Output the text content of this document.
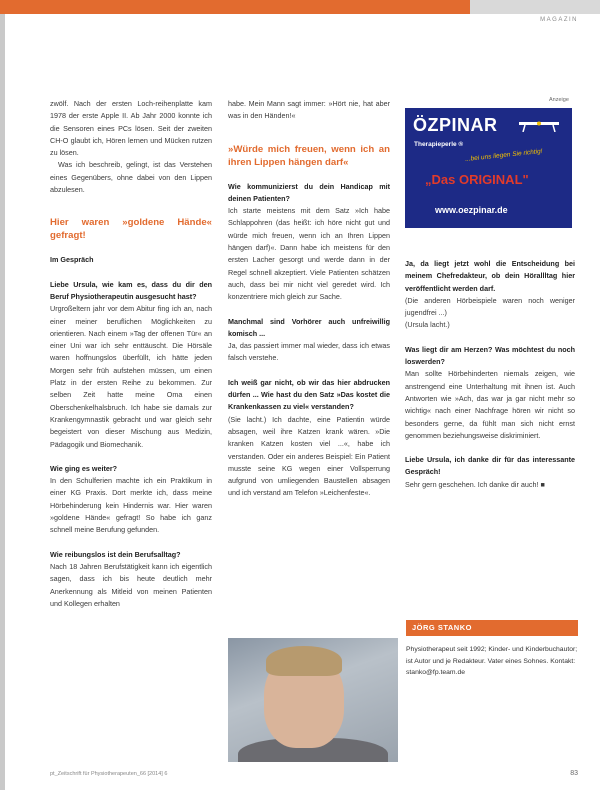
MAGAZIN

zwölf. Nach der ersten Loch-reihenplatte kam 1978 der erste Apple II. Ab Jahr 2000 konnte ich die Sensoren eines PCs lösen. Seit der zweiten CH-O glaubt ich, Hören lernen und Mücken rutzen zu lösen.

Was ich beschreib, gelingt, ist das Verstehen eines Gegenübers, ohne dabei von den Lippen abzulesen.

Hier waren »goldene Hände« gefragt!

Im Gespräch

Liebe Ursula, wie kam es, dass du dir den Beruf Physiotherapeutin ausgesucht hast?

Urgroßeltern jahr vor dem Abitur fing ich an, nach einer meiner beruflichen Möglichkeiten zu orientieren. Nach einem »Tag der offenen Tür« an einer Uni war ich sehr enttäuscht. Die Hörsäle waren hoffnungslos überfüllt, ich hätte jeden Morgen sehr früh aufstehen müssen, um einen Platz in der ersten Reihe zu bekommen. Zur selben Zeit hatte meine Oma einen Oberschenkelhalsbruch. Ich habe sie damals zur Krankengymnastik gebracht und war gleich sehr begeistert von dieser Mischung aus Medizin, Pädagogik und Biomechanik.

Wie ging es weiter?

In den Schulferien machte ich ein Praktikum in einer KG Praxis. Dort merkte ich, dass meine Hörbehinderung kein Hindernis war. Hier waren »goldene Hände« gefragt! So habe ich ganz schnell meine Berufung gefunden.

Wie reibungslos ist dein Berufsalltag?

Nach 18 Jahren Berufstätigkeit kann ich eigentlich sagen, dass ich bis heute deutlich mehr Anerkennung als Mitleid von meinen Patienten und Kollegen erhalten

habe. Mein Mann sagt immer: »Hört nie, hat aber was in den Händen!«

»Würde mich freuen, wenn ich an ihren Lippen hängen darf«

Wie kommunizierst du dein Handicap mit deinen Patienten?

Ich starte meistens mit dem Satz »Ich habe Schlappohren (das heißt: ich höre nicht gut und würde mich freuen, wenn ich an Ihren Lippen hängen darf)«. Dann habe ich meistens für den ersten Lacher gesorgt und werde dann in der Regel schnell akzeptiert. Viele Patienten schätzen auch, dass bei mir nicht viel geredet wird. Ich konzentriere mich gleich zur Sache.

Manchmal sind Vorhörer auch unfreiwillig komisch ...

Ja, das passiert immer mal wieder, dass ich etwas falsch verstehe.

Ich weiß gar nicht, ob wir das hier abdrucken dürfen ... Wie hast du den Satz »Das kostet die Krankenkassen zu viel« verstanden?

(Sie lacht.) Ich dachte, eine Patientin würde absagen, weil ihre Katzen krank wären. »Die kranken Katzen kosten viel ...«, habe ich verstanden. Oder ein anderes Beispiel: Ein Patient musste seine KG wegen einer Vollsperrung aufgrund von umliegenden Baustellen absagen und ich verstand am Telefon »Leichenfeste«.

Anzeige
ÖZPINAR
Therapieperle ®
...bei uns liegen Sie richtig!
„Das ORIGINAL"
www.oezpinar.de

Ja, da liegt jetzt wohl die Entscheidung bei meinem Chefredakteur, ob dein Hörallltag hier veröffentlicht werden darf.

(Die anderen Hörbeispiele waren noch weniger jugendfrei ...)

(Ursula lacht.)

Was liegt dir am Herzen? Was möchtest du noch loswerden?

Man sollte Hörbehinderten niemals zeigen, wie anstrengend eine Unterhaltung mit ihnen ist. Auch Antworten wie »Ach, das war ja gar nicht mehr so wichtig« nach einer Nachfrage hören wir nicht so besonders gerne, da fühlt man sich nicht ernst genommen beziehungsweise diskriminiert.

Liebe Ursula, ich danke dir für das interessante Gespräch!

Sehr gern geschehen. Ich danke dir auch! ■

JÖRG STANKO
Physiotherapeut seit 1992; Kinder- und Kinderbuchautor; ist Autor und je Redakteur. Vater eines Sohnes. Kontakt: stanko@fp.team.de
pt_Zeitschrift für Physiotherapeuten_66 [2014] 6	83
